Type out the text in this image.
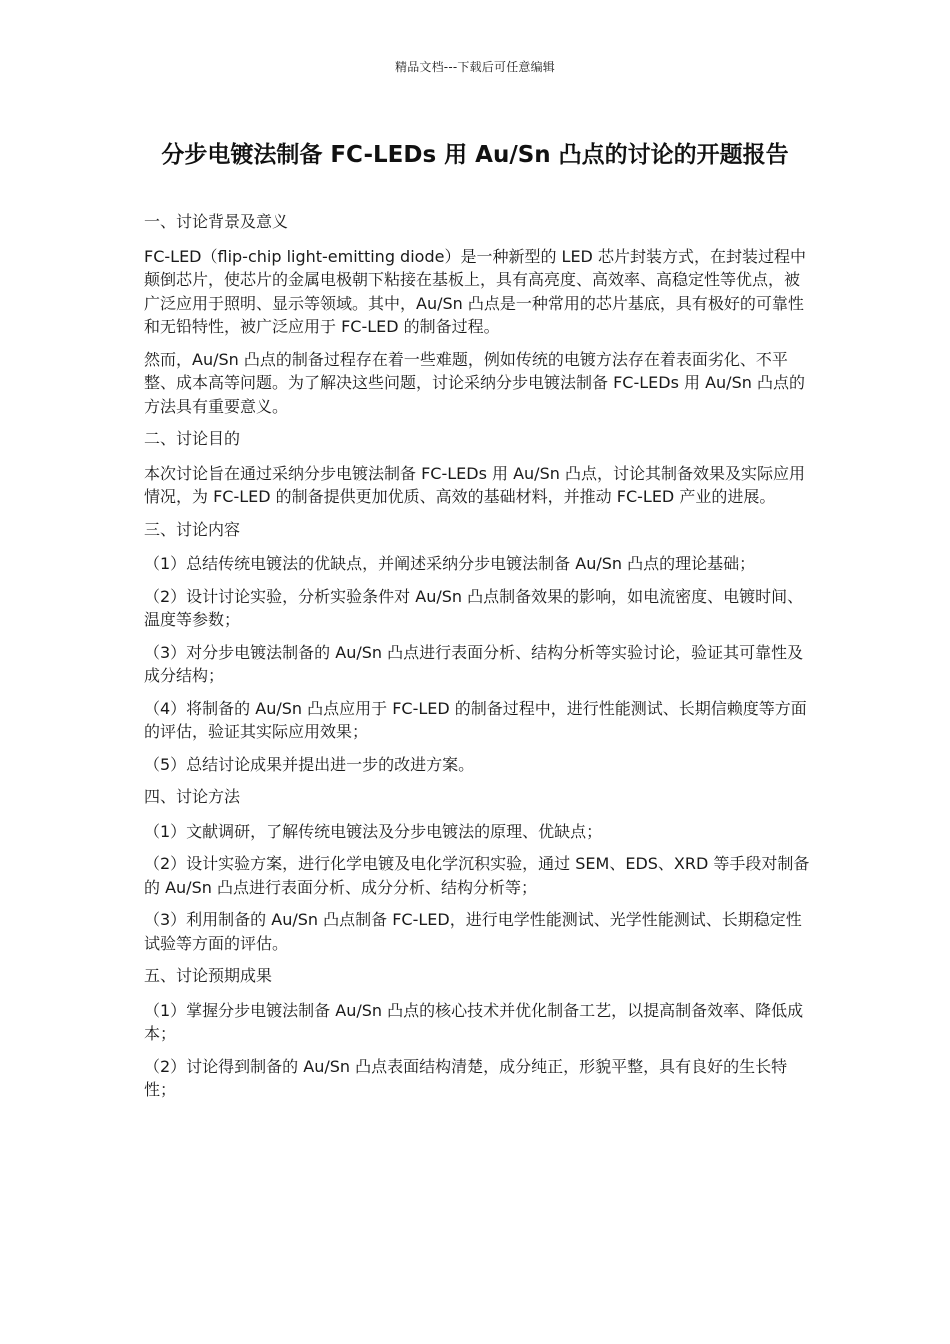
精品文档---下载后可任意编辑
分步电镀法制备 FC-LEDs 用 Au/Sn 凸点的讨论的开题报告

一、讨论背景及意义

FC-LED（flip-chip light-emitting diode）是一种新型的 LED 芯片封装方式，在封装过程中颠倒芯片，使芯片的金属电极朝下粘接在基板上，具有高亮度、高效率、高稳定性等优点，被广泛应用于照明、显示等领域。其中，Au/Sn 凸点是一种常用的芯片基底，具有极好的可靠性和无铅特性，被广泛应用于 FC-LED 的制备过程。

然而，Au/Sn 凸点的制备过程存在着一些难题，例如传统的电镀方法存在着表面劣化、不平整、成本高等问题。为了解决这些问题，讨论采纳分步电镀法制备 FC-LEDs 用 Au/Sn 凸点的方法具有重要意义。

二、讨论目的

本次讨论旨在通过采纳分步电镀法制备 FC-LEDs 用 Au/Sn 凸点，讨论其制备效果及实际应用情况，为 FC-LED 的制备提供更加优质、高效的基础材料，并推动 FC-LED 产业的进展。

三、讨论内容

（1）总结传统电镀法的优缺点，并阐述采纳分步电镀法制备 Au/Sn 凸点的理论基础；

（2）设计讨论实验，分析实验条件对 Au/Sn 凸点制备效果的影响，如电流密度、电镀时间、温度等参数；

（3）对分步电镀法制备的 Au/Sn 凸点进行表面分析、结构分析等实验讨论，验证其可靠性及成分结构；

（4）将制备的 Au/Sn 凸点应用于 FC-LED 的制备过程中，进行性能测试、长期信赖度等方面的评估，验证其实际应用效果；

（5）总结讨论成果并提出进一步的改进方案。

四、讨论方法

（1）文献调研，了解传统电镀法及分步电镀法的原理、优缺点；

（2）设计实验方案，进行化学电镀及电化学沉积实验，通过 SEM、EDS、XRD 等手段对制备的 Au/Sn 凸点进行表面分析、成分分析、结构分析等；

（3）利用制备的 Au/Sn 凸点制备 FC-LED，进行电学性能测试、光学性能测试、长期稳定性试验等方面的评估。

五、讨论预期成果

（1）掌握分步电镀法制备 Au/Sn 凸点的核心技术并优化制备工艺，以提高制备效率、降低成本；

（2）讨论得到制备的 Au/Sn 凸点表面结构清楚，成分纯正，形貌平整，具有良好的生长特性；
